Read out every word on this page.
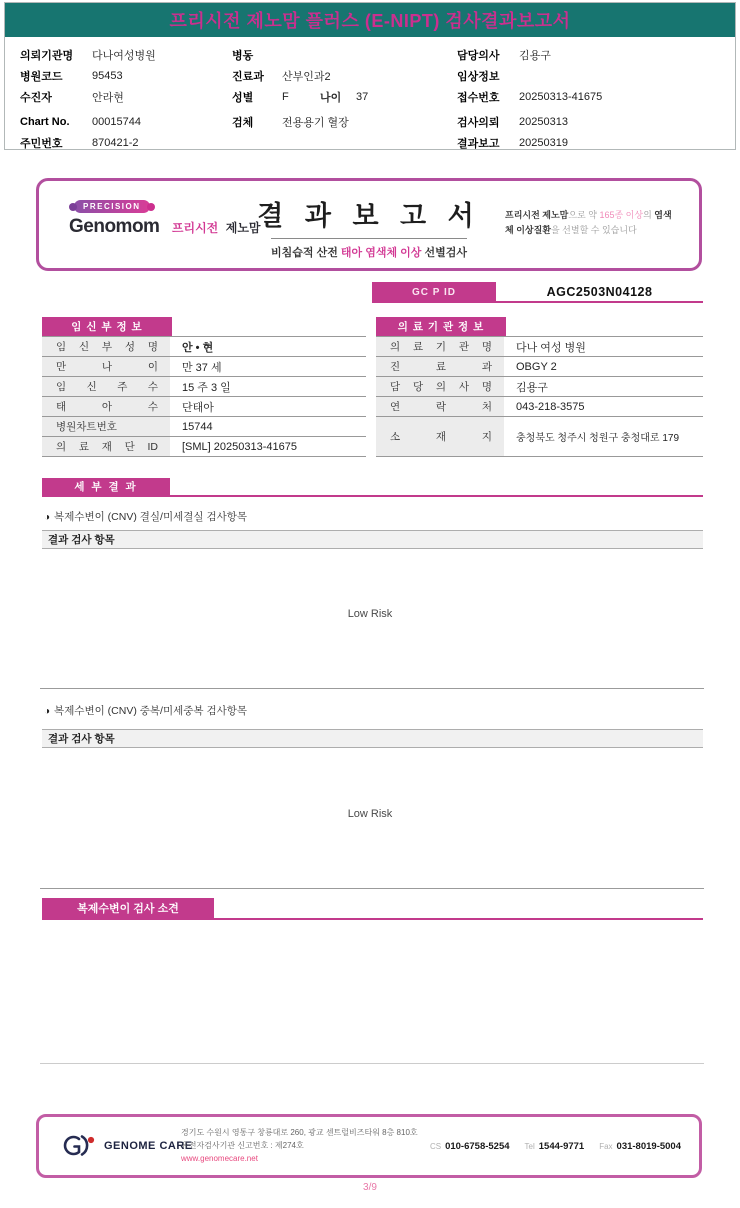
프리시전 제노맘 플러스 (E-NIPT) 검사결과보고서
의뢰기관명	다나여성병원
병원코드	95453
수진자	안라현
Chart No.	00015744
주민번호	870421-2
병동
진료과	산부인과2
성별	F	나이	37
검체	전용용기 혈장
담당의사	김용구
임상정보
접수번호	20250313-41675
검사의뢰	20250313
결과보고	20250319
PRECISION
Genomom 프리시전 제노맘
결 과 보 고 서
비침습적 산전 태아 염색체 이상 선별검사
프리시전 제노맘으로 약 165종 이상의 염색체 이상질환을 선별할 수 있습니다
GC P ID	AGC2503N04128
임 신 부 정 보
임 신 부 성 명	안 • 현
만 나 이	만 37 세
임 신 주 수	15 주 3 일
태 아 수	단태아
병원차트번호	15744
의 료 재 단 ID	[SML] 20250313-41675
의 료 기 관 정 보
의 료 기 관 명	다나 여성 병원
진 료 과	OBGY 2
담 당 의 사 명	김용구
연 락 처	043-218-3575
소 재 지	충청북도 청주시 청원구 충청대로 179
세 부 결 과
◑ 복제수변이 (CNV) 결실/미세결실 검사항목
결과 검사 항목
Low Risk
◑ 복제수변이 (CNV) 중복/미세중복 검사항목
결과 검사 항목
Low Risk
복제수변이 검사 소견
GENOME CARE
경기도 수원시 영통구 창룡대로 260, 광교 센트럴비즈타워 8층 810호
유전자검사기관 신고번호 : 제274호
www.genomecare.net
CS 010-6758-5254 Tel 1544-9771 Fax 031-8019-5004
3/9
